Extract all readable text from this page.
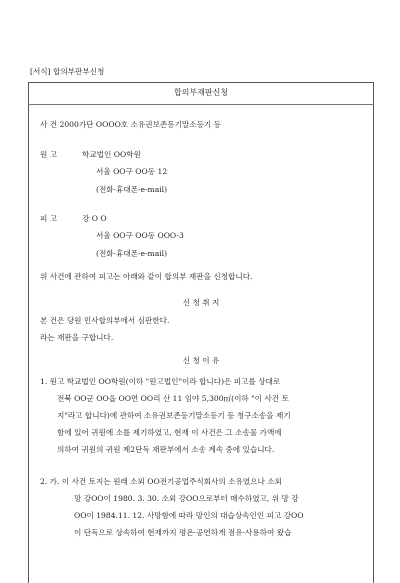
[서식] 합의부판부신청
합의부재판신청
사 건 2000가단 OOOO호 소유권보존등기말소등기 등
원 고	학교법인 OO학원
서울 OO구 OO동 12
(전화·휴대폰·e-mail)
피 고	강 O O
서울 OO구 OO동 OOO-3
(전화·휴대폰·e-mail)
위 사건에 관하여 피고는 아래와 같이 합의부 재판을 신청합니다.
신 청 취 지
본 건은 당원 민사합의부에서 심판한다.
라는 재판을 구합니다.
신 청 이 유
1. 원고 학교법인 OO학원(이하 "원고법인"이라 합니다)은 피고를 상대로
전북 OO군 OO읍 OO면 OO리 산 11 임야 5,300㎡(이하 "이 사건 토
지"라고 합니다)에 관하여 소유권보존등기말소등기 등 청구소송을 제기
함에 있어 귀원에 소를 제기하였고, 현재 이 사건은 그 소송물 가액에
의하여 귀원의 귀원 제2단독 재판부에서 소송 계속 중에 있습니다.
2. 가. 이 사건 토지는 원래 소외 OO전기공업주식회사의 소유였으나 소외
망 강OO이 1980. 3. 30. 소외 강OO으로부터 매수하였고, 위 망 강
OO이 1984.11. 12. 사망함에 따라 망인의 대습상속인인 피고 강OO
이 단독으로 상속하여 현재까지 평온·공연하게 점유·사용하여 왔습
